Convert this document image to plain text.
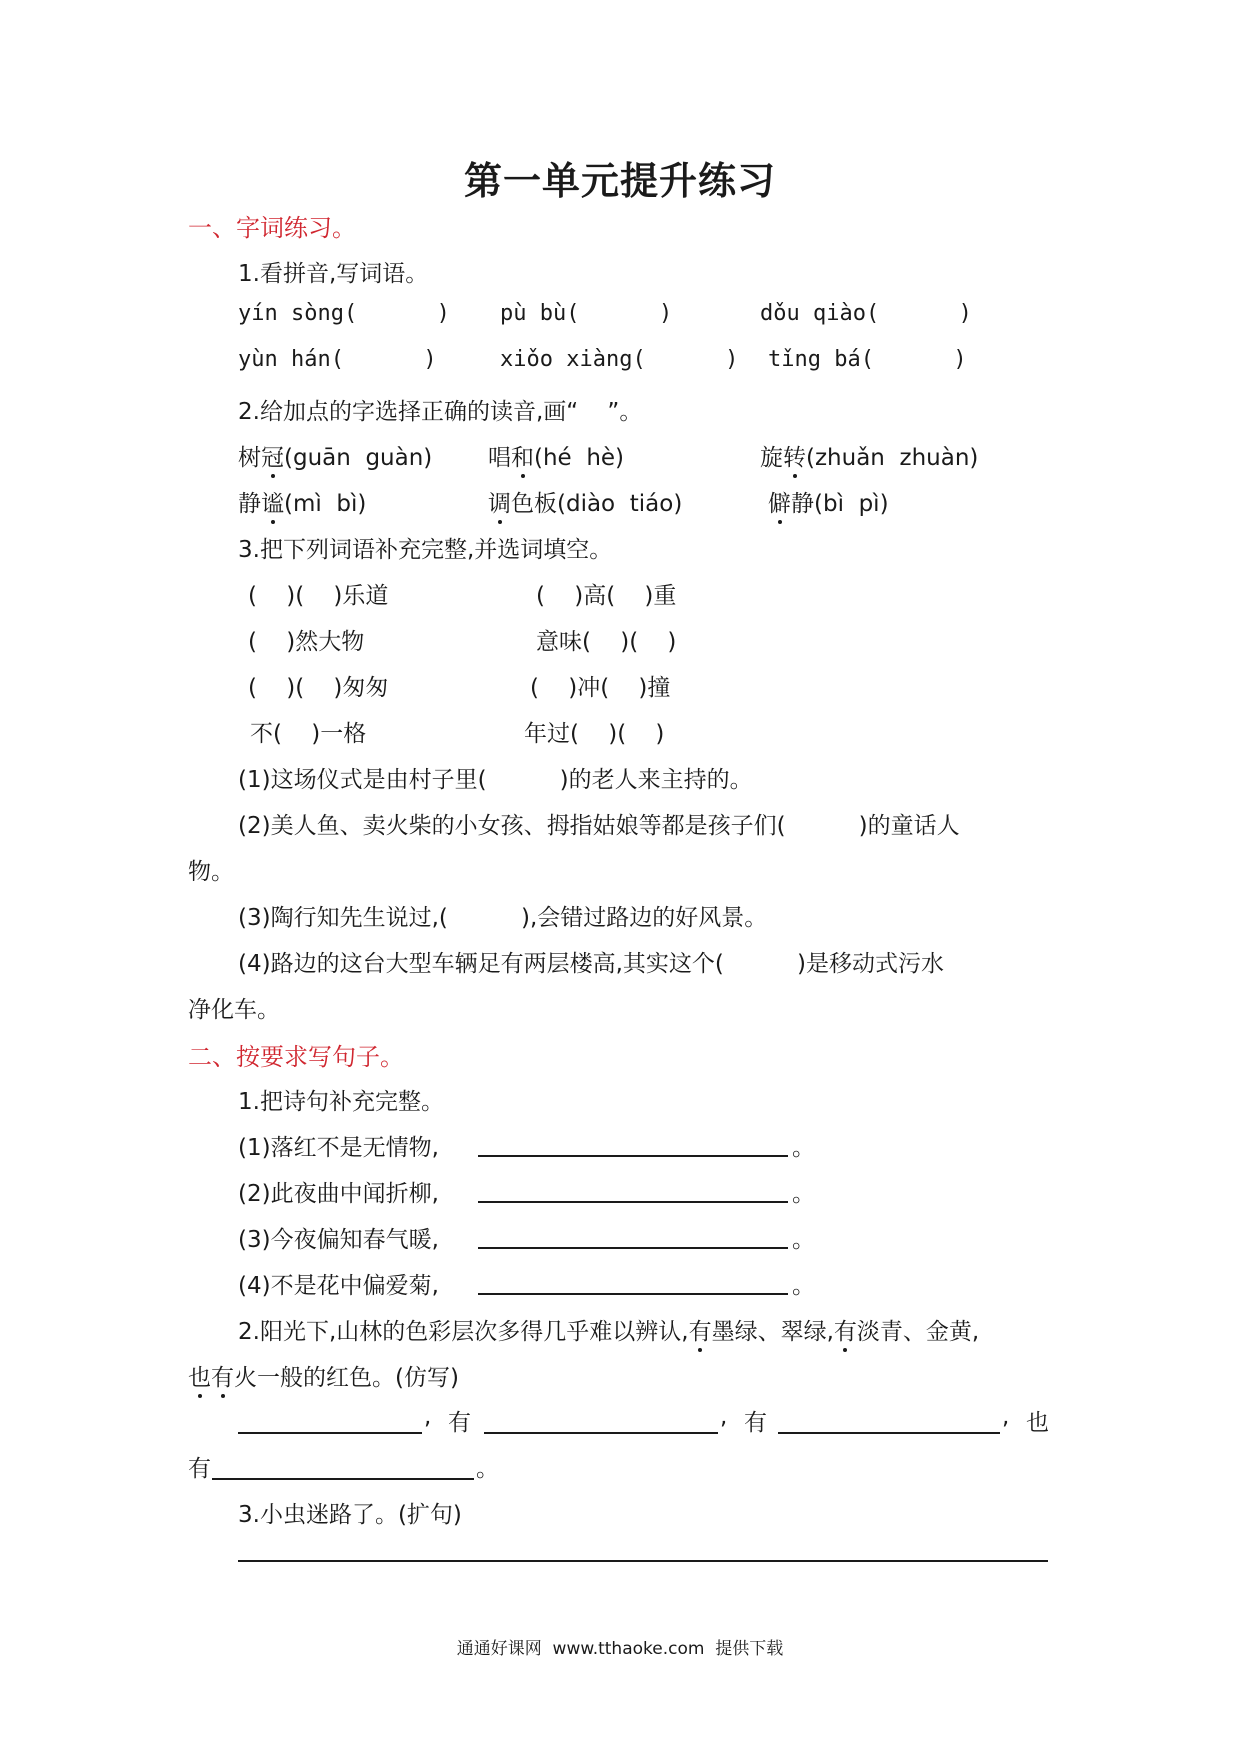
第一单元提升练习
一、字词练习。
1.看拼音,写词语。
yín sòng(      ) pù bù(      )	dǒu qiào(      )
yùn hán(      )	xiǒo xiàng(      ) tǐng bá(      )
2.给加点的字选择正确的读音,画“    ”。
树冠(guān  guàn) 唱和(hé  hè)	旋转(zhuǎn  zhuàn)
静谧(mì  bì)	调色板(diào  tiáo)	僻静(bì  pì)
3.把下列词语补充完整,并选词填空。
(    )(    )乐道	(    )高(    )重
(    )然大物	意味(    )(    )
(    )(    )匆匆	(    )冲(    )撞
不(    )一格	年过(    )(    )
(1)这场仪式是由村子里(          )的老人来主持的。
(2)美人鱼、卖火柴的小女孩、拇指姑娘等都是孩子们(          )的童话人
物。
(3)陶行知先生说过,(          ),会错过路边的好风景。
(4)路边的这台大型车辆足有两层楼高,其实这个(          )是移动式污水
净化车。
二、按要求写句子。
1.把诗句补充完整。
(1)落红不是无情物,	。
(2)此夜曲中闻折柳,	。
(3)今夜偏知春气暖,	。
(4)不是花中偏爱菊,	。
2.阳光下,山林的色彩层次多得几乎难以辨认,有墨绿、翠绿,有淡青、金黄,
也有火一般的红色。(仿写)
, 有	, 有	, 也
有	。
3.小虫迷路了。(扩句)
通通好课网  www.tthaoke.com  提供下载
